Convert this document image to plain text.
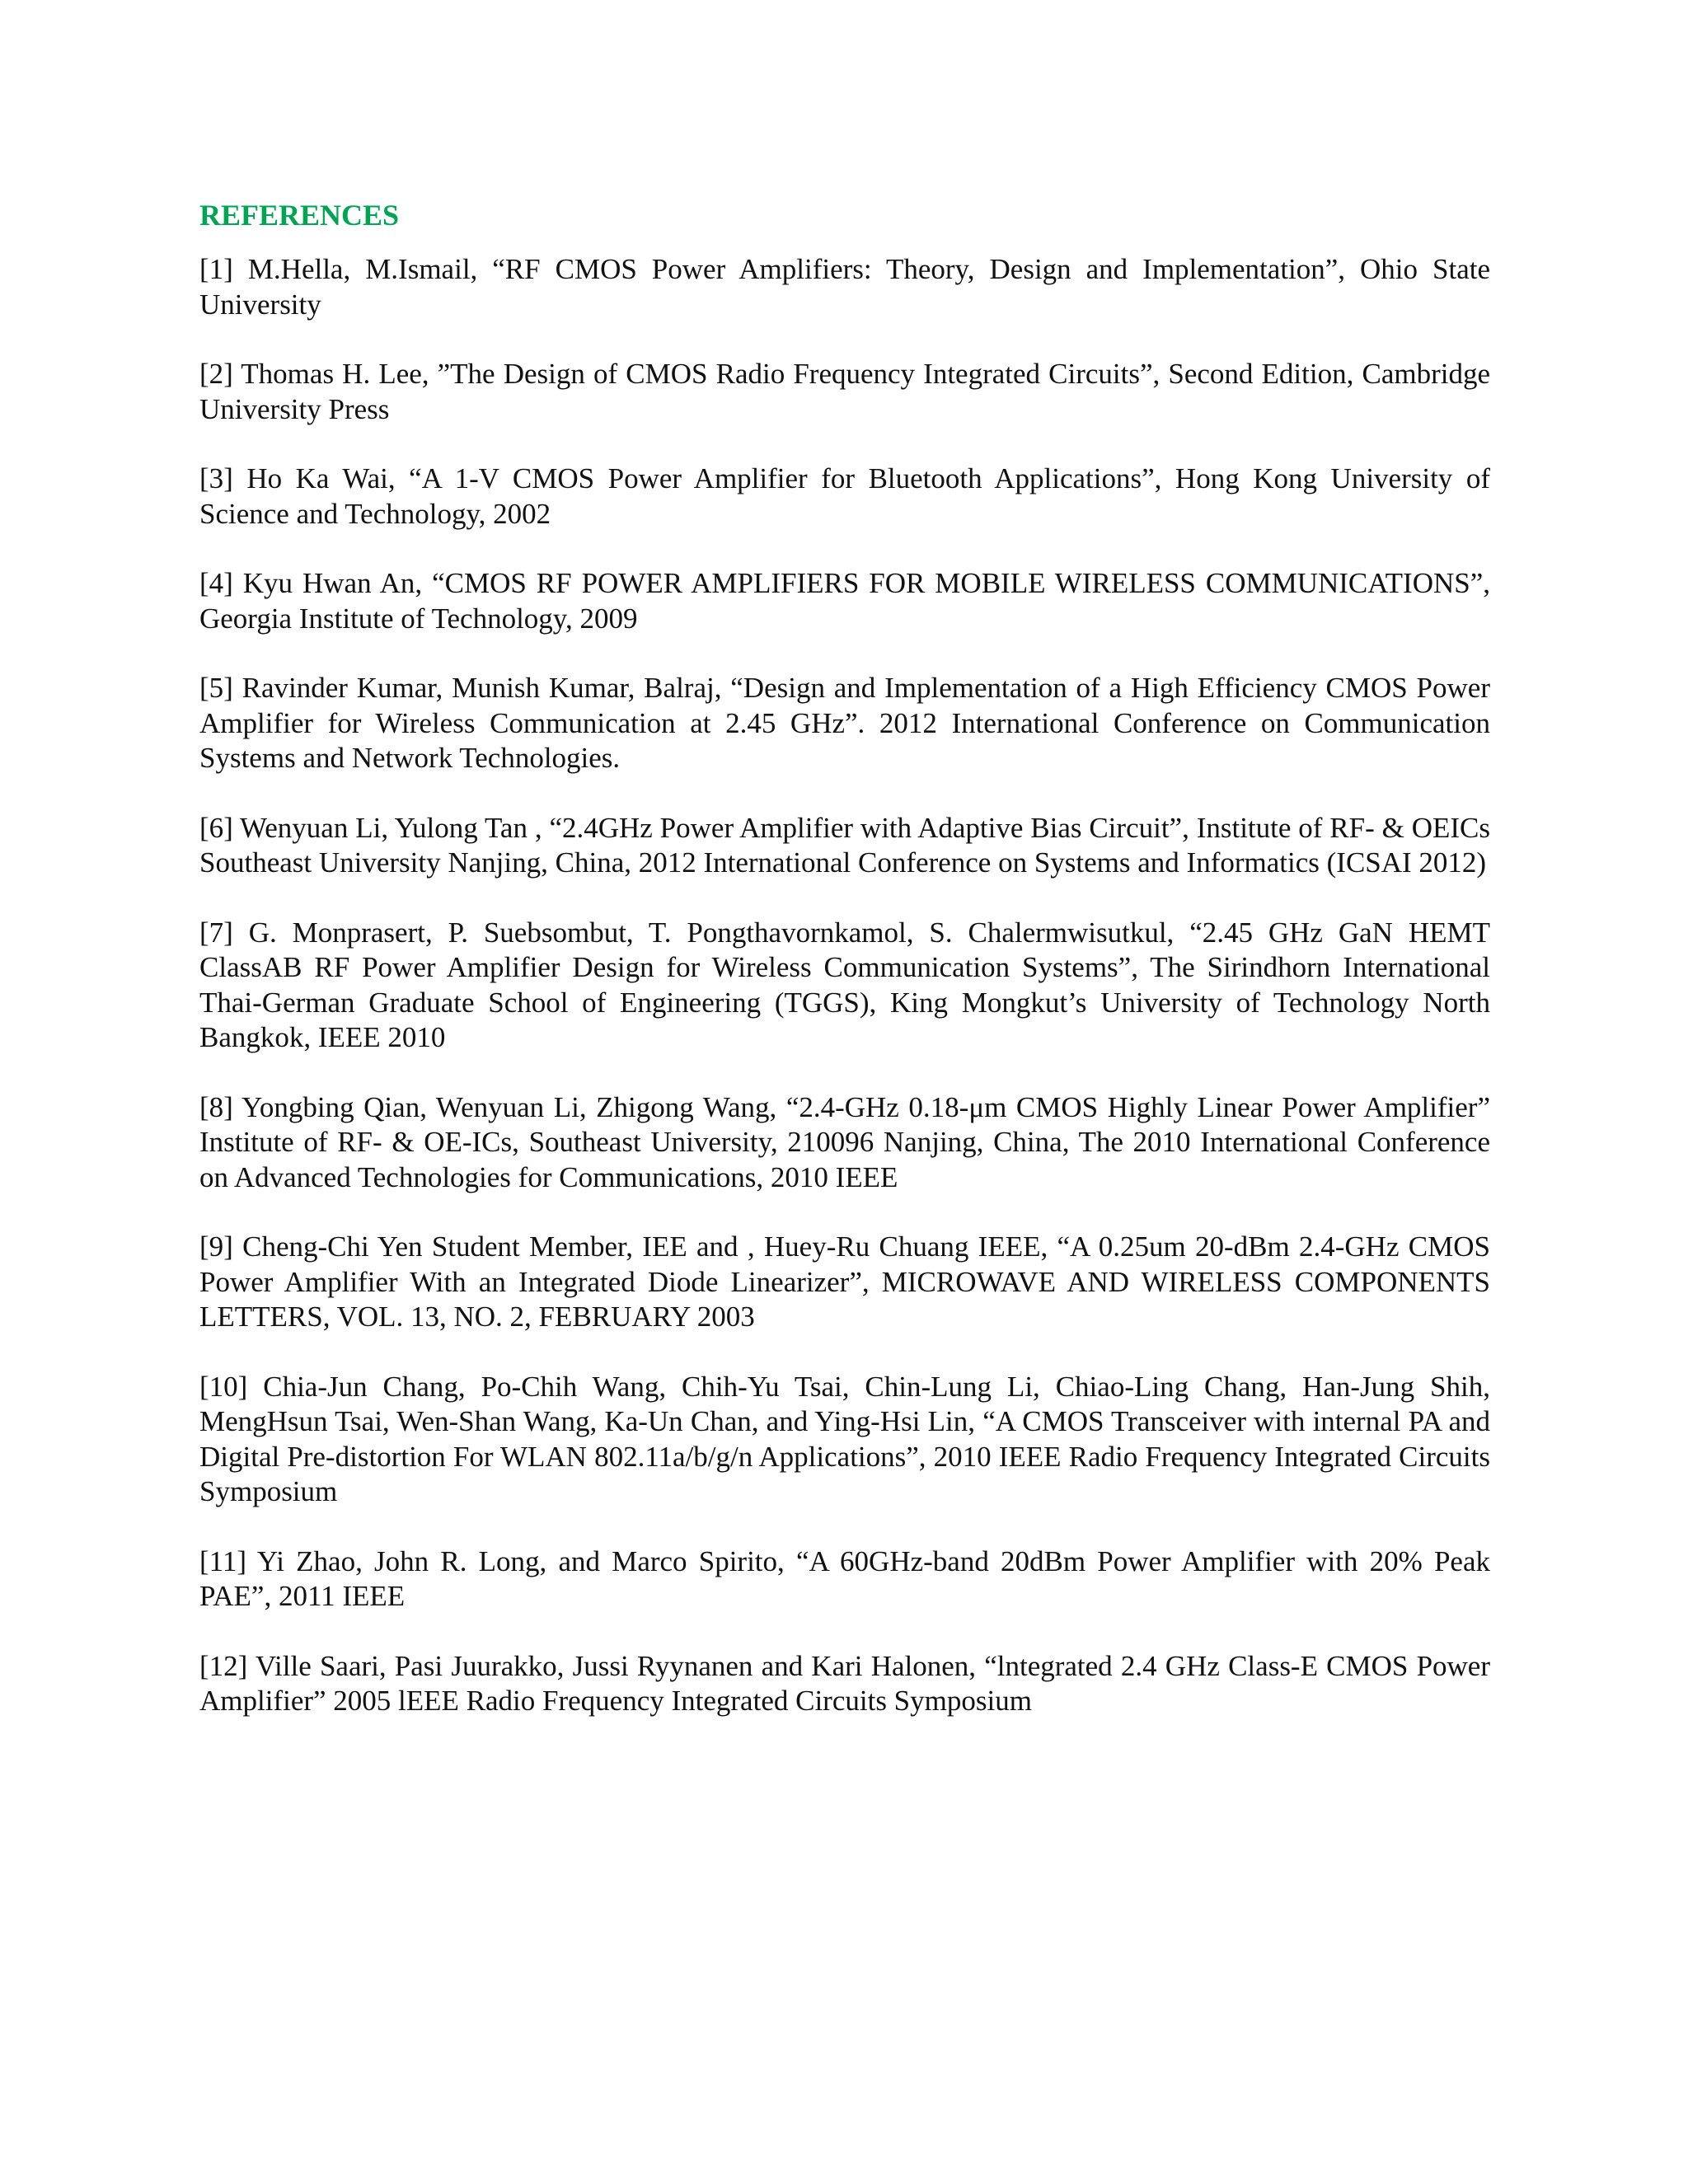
REFERENCES
[1] M.Hella, M.Ismail, “RF CMOS Power Amplifiers: Theory, Design and Implementation”, Ohio State University
[2] Thomas H. Lee, ”The Design of CMOS Radio Frequency Integrated Circuits”, Second Edition, Cambridge University Press
[3] Ho Ka Wai, “A 1-V CMOS Power Amplifier for Bluetooth Applications”, Hong Kong University of Science and Technology, 2002
[4] Kyu Hwan An, “CMOS RF POWER AMPLIFIERS FOR MOBILE WIRELESS COMMUNICATIONS”, Georgia Institute of Technology, 2009
[5] Ravinder Kumar, Munish Kumar, Balraj, “Design and Implementation of a High Efficiency CMOS Power Amplifier for Wireless Communication at 2.45 GHz”. 2012 International Conference on Communication Systems and Network Technologies.
[6] Wenyuan Li, Yulong Tan , “2.4GHz Power Amplifier with Adaptive Bias Circuit”, Institute of RF- & OEICs Southeast University Nanjing, China, 2012 International Conference on Systems and Informatics (ICSAI 2012)
[7] G. Monprasert, P. Suebsombut, T. Pongthavornkamol, S. Chalermwisutkul, “2.45 GHz GaN HEMT ClassAB RF Power Amplifier Design for Wireless Communication Systems”, The Sirindhorn International Thai-German Graduate School of Engineering (TGGS), King Mongkut’s University of Technology North Bangkok, IEEE 2010
[8] Yongbing Qian, Wenyuan Li, Zhigong Wang, “2.4-GHz 0.18-μm CMOS Highly Linear Power Amplifier” Institute of RF- & OE-ICs, Southeast University, 210096 Nanjing, China, The 2010 International Conference on Advanced Technologies for Communications, 2010 IEEE
[9] Cheng-Chi Yen Student Member, IEE and , Huey-Ru Chuang IEEE, “A 0.25um 20-dBm 2.4-GHz CMOS Power Amplifier With an Integrated Diode Linearizer”, MICROWAVE AND WIRELESS COMPONENTS LETTERS, VOL. 13, NO. 2, FEBRUARY 2003
[10] Chia-Jun Chang, Po-Chih Wang, Chih-Yu Tsai, Chin-Lung Li, Chiao-Ling Chang, Han-Jung Shih, MengHsun Tsai, Wen-Shan Wang, Ka-Un Chan, and Ying-Hsi Lin, “A CMOS Transceiver with internal PA and Digital Pre-distortion For WLAN 802.11a/b/g/n Applications”, 2010 IEEE Radio Frequency Integrated Circuits Symposium
[11] Yi Zhao, John R. Long, and Marco Spirito, “A 60GHz-band 20dBm Power Amplifier with 20% Peak PAE”, 2011 IEEE
[12] Ville Saari, Pasi Juurakko, Jussi Ryynanen and Kari Halonen, “lntegrated 2.4 GHz Class-E CMOS Power Amplifier” 2005 lEEE Radio Frequency Integrated Circuits Symposium
